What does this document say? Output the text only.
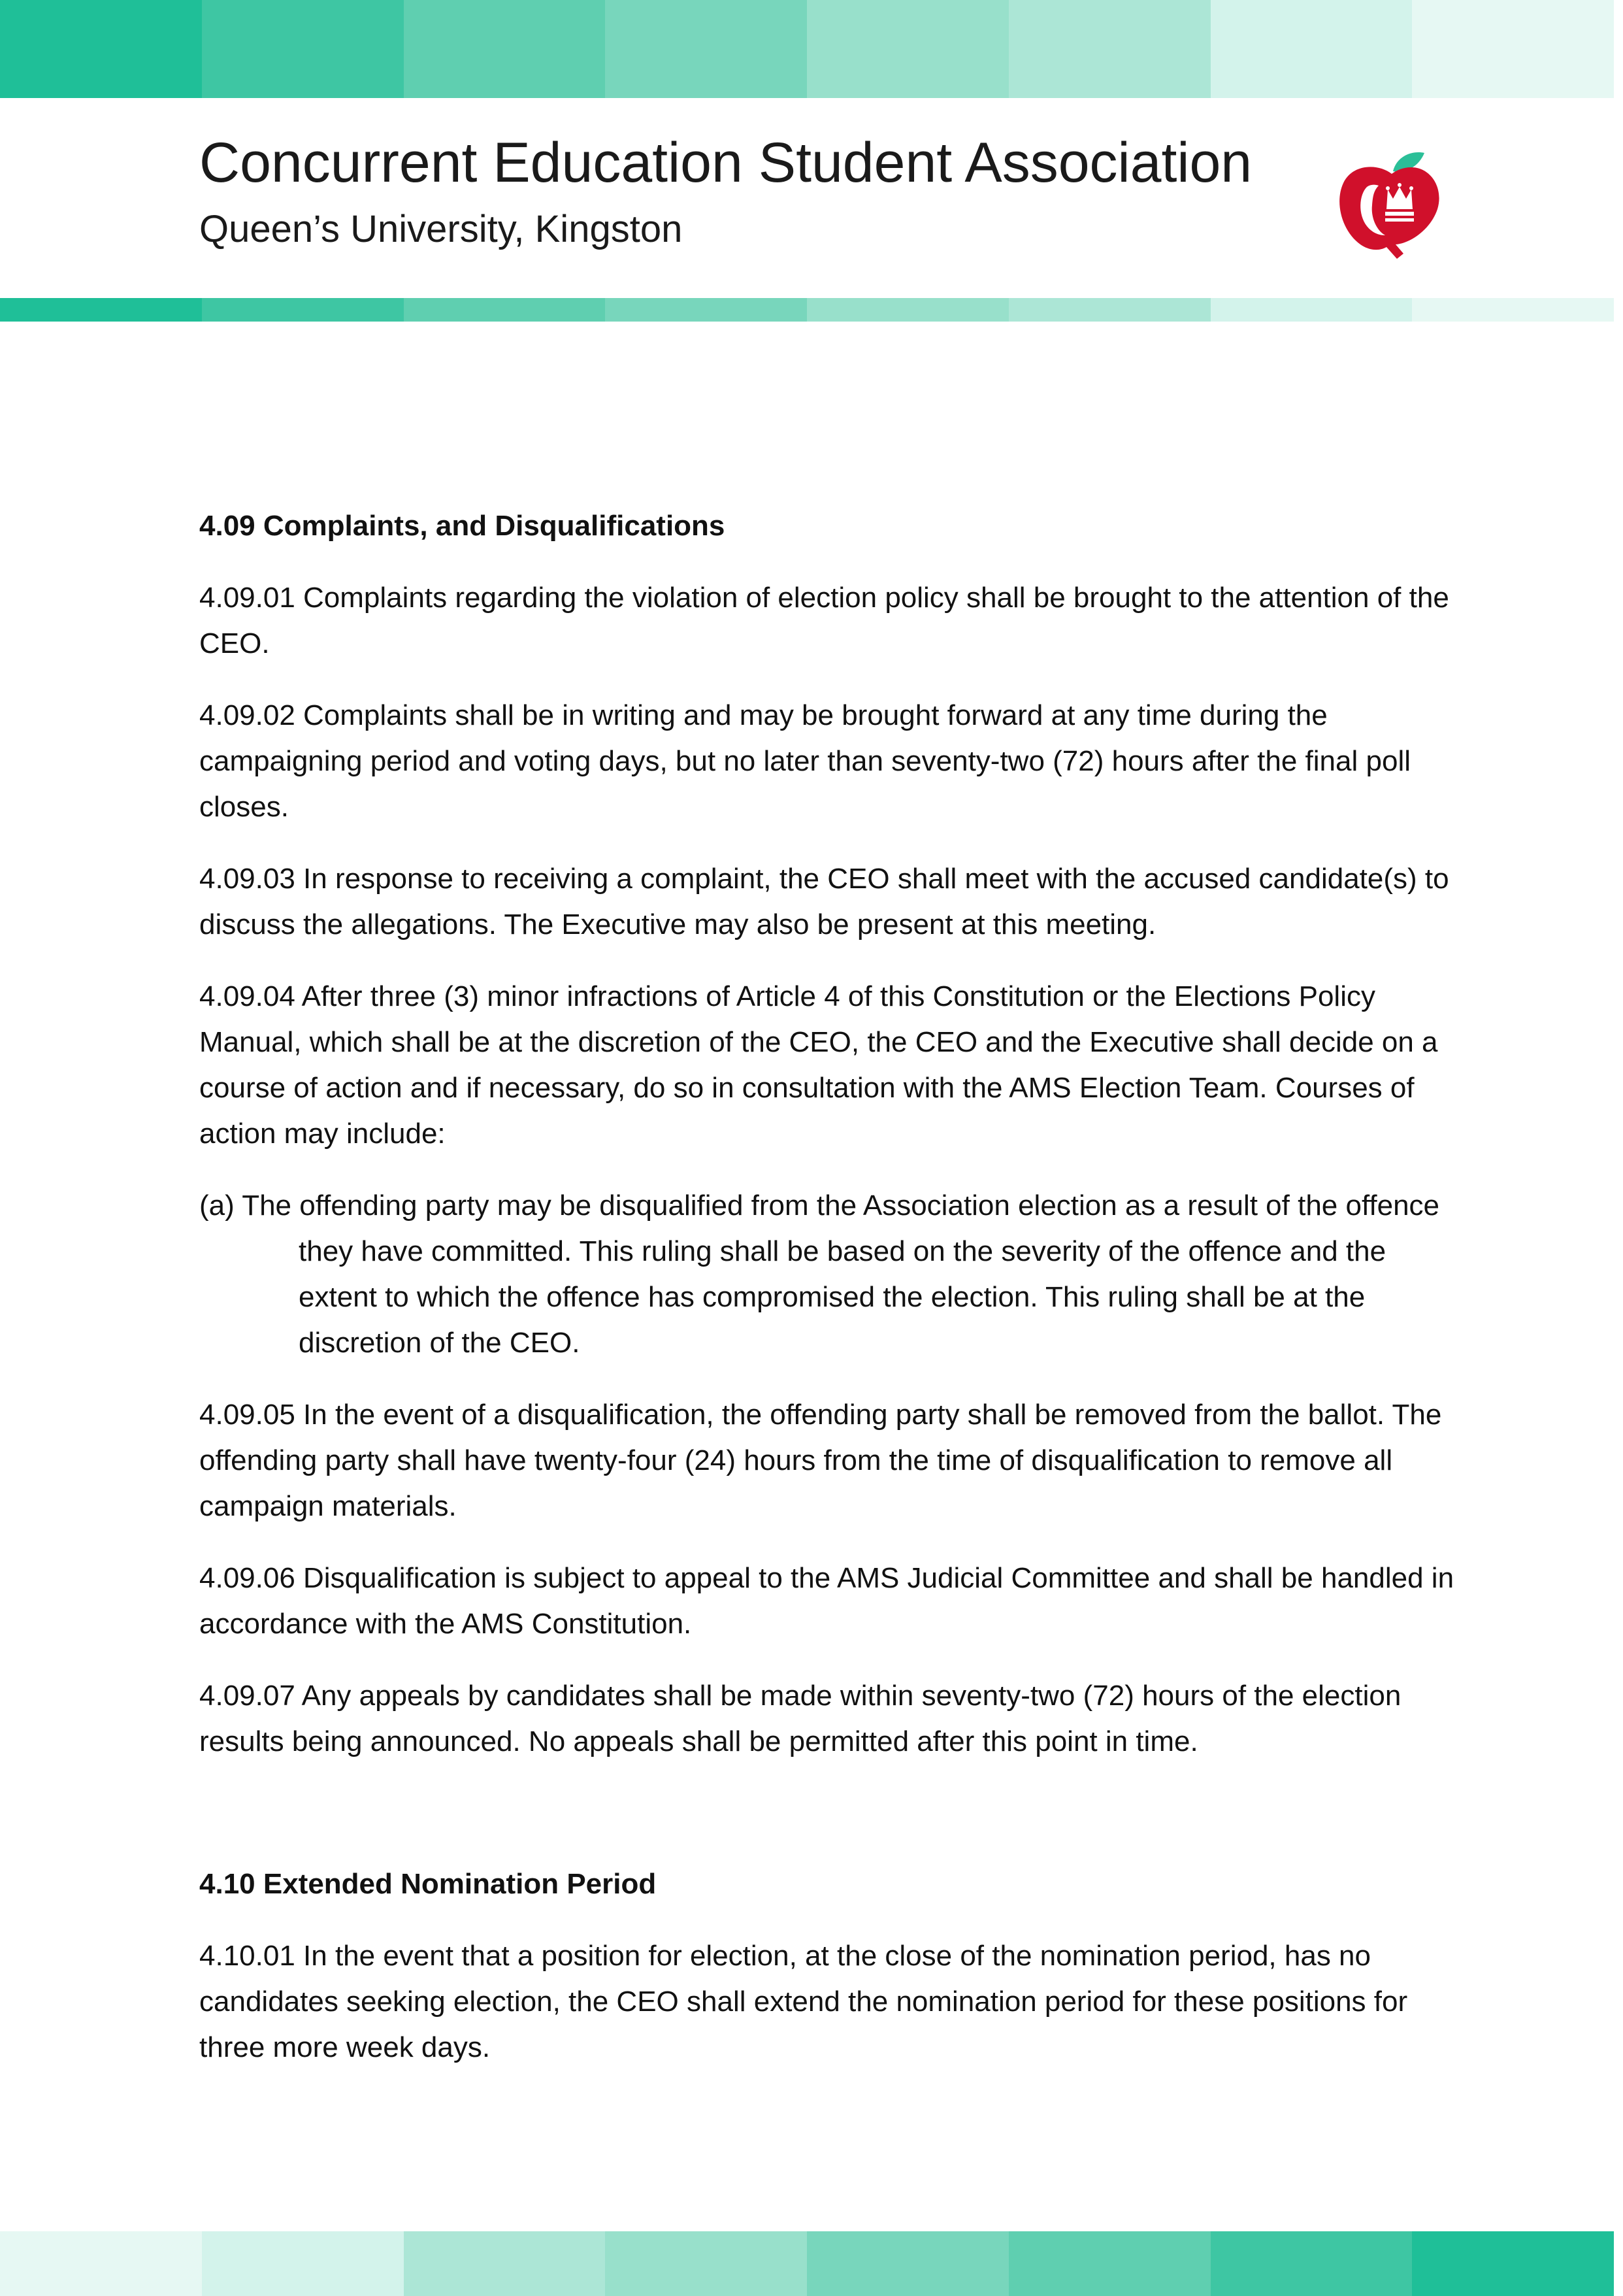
Concurrent Education Student Association
Queen’s University, Kingston
4.09 Complaints, and Disqualifications

4.09.01 Complaints regarding the violation of election policy shall be brought to the attention of the CEO.

4.09.02 Complaints shall be in writing and may be brought forward at any time during the campaigning period and voting days, but no later than seventy-two (72) hours after the final poll closes.

4.09.03 In response to receiving a complaint, the CEO shall meet with the accused candidate(s) to discuss the allegations. The Executive may also be present at this meeting.

4.09.04 After three (3) minor infractions of Article 4 of this Constitution or the Elections Policy Manual, which shall be at the discretion of the CEO, the CEO and the Executive shall decide on a course of action and if necessary, do so in consultation with the AMS Election Team. Courses of action may include:

(a) The offending party may be disqualified from the Association election as a result of the offence they have committed. This ruling shall be based on the severity of the offence and the extent to which the offence has compromised the election. This ruling shall be at the discretion of the CEO.

4.09.05 In the event of a disqualification, the offending party shall be removed from the ballot. The offending party shall have twenty-four (24) hours from the time of disqualification to remove all campaign materials.

4.09.06 Disqualification is subject to appeal to the AMS Judicial Committee and shall be handled in accordance with the AMS Constitution.

4.09.07 Any appeals by candidates shall be made within seventy-two (72) hours of the election results being announced. No appeals shall be permitted after this point in time.

4.10 Extended Nomination Period

4.10.01 In the event that a position for election, at the close of the nomination period, has no candidates seeking election, the CEO shall extend the nomination period for these positions for three more week days.
